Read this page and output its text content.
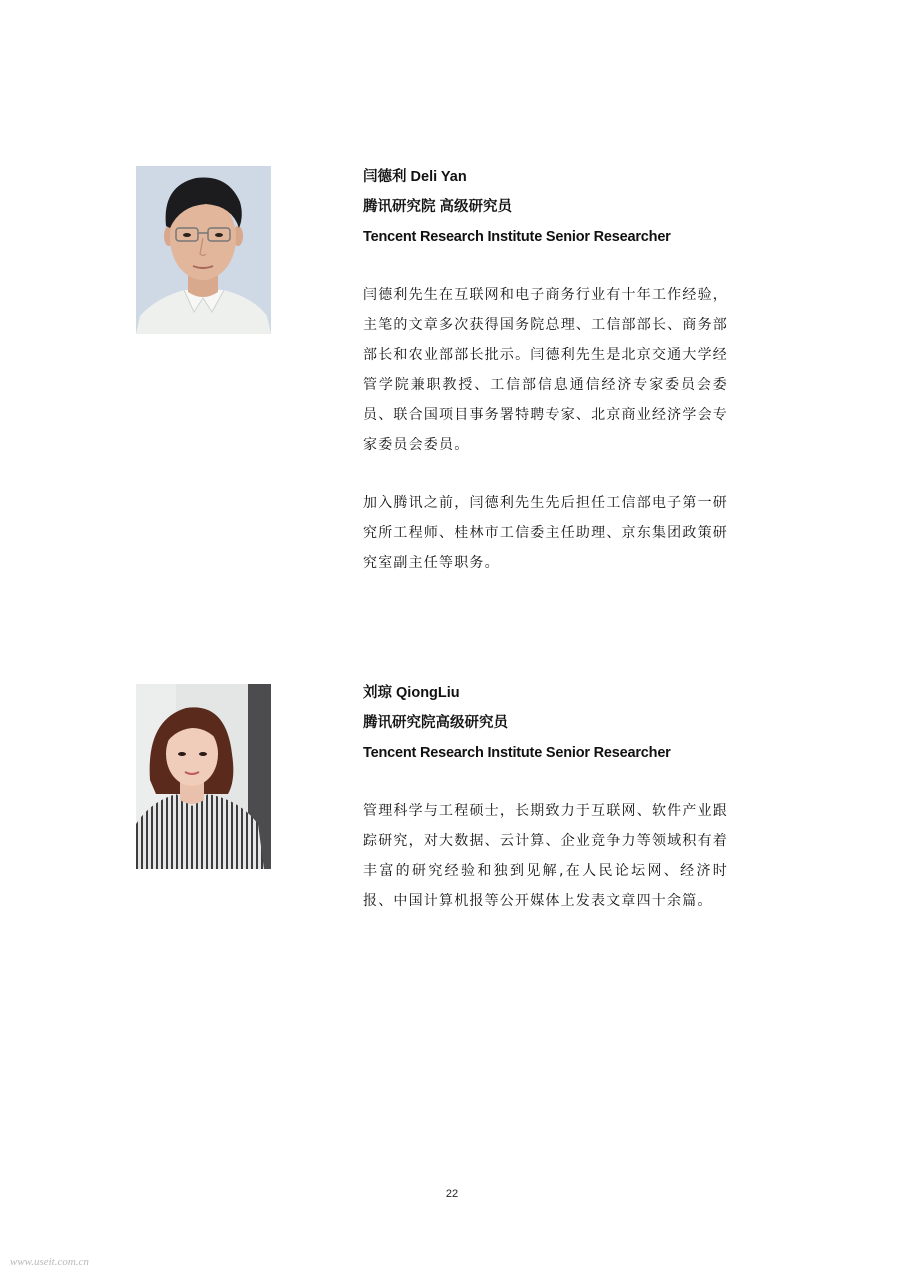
闫德利 Deli Yan
腾讯研究院 高级研究员
Tencent Research Institute Senior Researcher
闫德利先生在互联网和电子商务行业有十年工作经验，主笔的文章多次获得国务院总理、工信部部长、商务部部长和农业部部长批示。闫德利先生是北京交通大学经管学院兼职教授、工信部信息通信经济专家委员会委员、联合国项目事务署特聘专家、北京商业经济学会专家委员会委员。
加入腾讯之前，闫德利先生先后担任工信部电子第一研究所工程师、桂林市工信委主任助理、京东集团政策研究室副主任等职务。
刘琼 QiongLiu
腾讯研究院高级研究员
Tencent Research Institute Senior Researcher
管理科学与工程硕士，长期致力于互联网、软件产业跟踪研究，对大数据、云计算、企业竞争力等领域积有着丰富的研究经验和独到见解,在人民论坛网、经济时报、中国计算机报等公开媒体上发表文章四十余篇。
22
www.useit.com.cn
